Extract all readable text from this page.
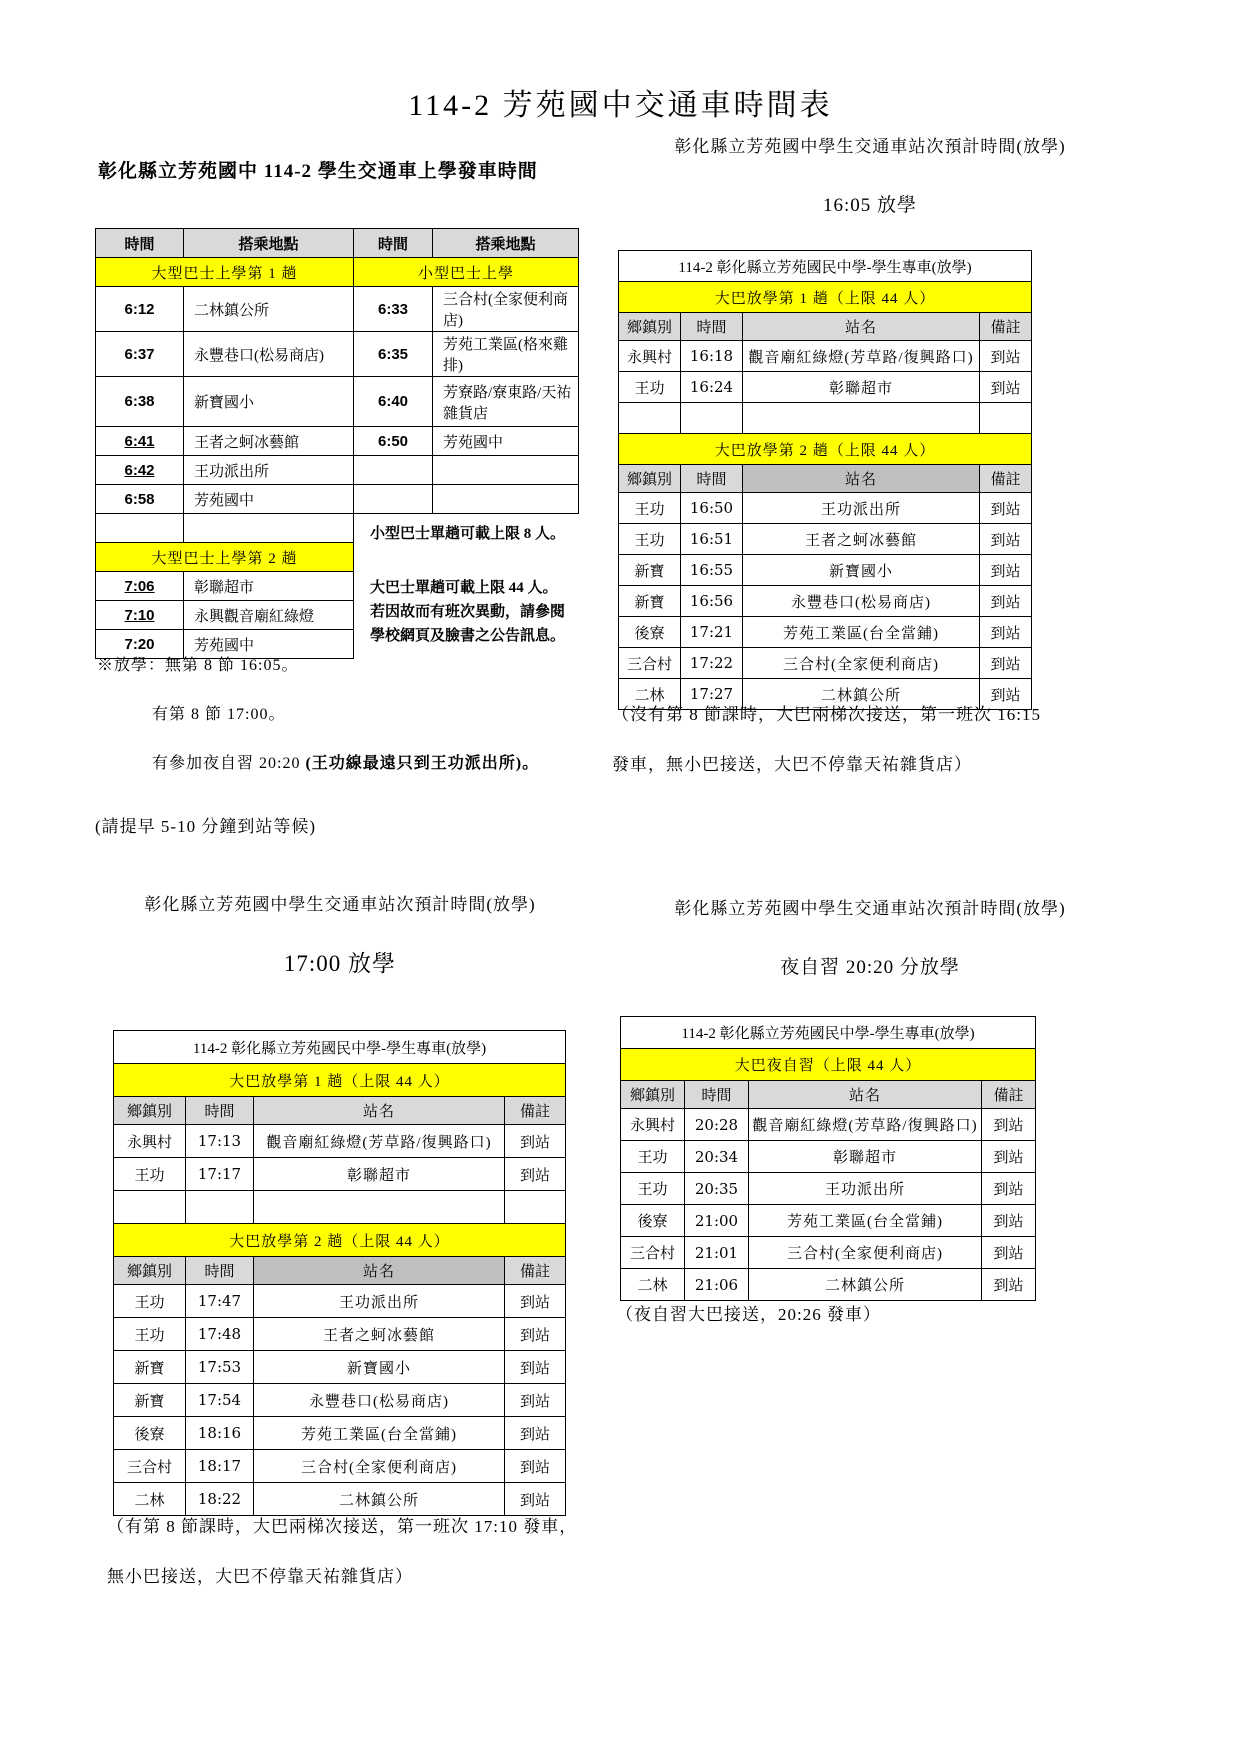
114-2 芳苑國中交通車時間表
彰化縣立芳苑國中 114-2 學生交通車上學發車時間
時間	搭乘地點	時間	搭乘地點
大型巴士上學第 1 趟		小型巴士上學	
6:12	二林鎮公所	6:33	三合村(全家便利商店)
6:37	永豐巷口(松易商店)	6:35	芳苑工業區(格來雞排)
6:38	新寶國小	6:40	芳寮路/寮東路/天祐雜貨店
6:41	王者之蚵冰藝館	6:50	芳苑國中
6:42	王功派出所		
6:58	芳苑國中		

		小型巴士單趟可載上限 8 人。

大巴士單趟可載上限 44 人。

若因故而有班次異動，請參閱學校網頁及臉書之公告訊息。	

大型巴士上學第 2 趟			
7:06	彰聯超市		
7:10	永興觀音廟紅綠燈		
7:20	芳苑國中		
※放學：無第 8 節 16:05。
有第 8 節 17:00。
有參加夜自習 20:20 (王功線最遠只到王功派出所)。
(請提早 5-10 分鐘到站等候)
彰化縣立芳苑國中學生交通車站次預計時間(放學)
16:05 放學
114-2 彰化縣立芳苑國民中學-學生專車(放學)			
大巴放學第 1 趟（上限 44 人）			
鄉鎮別	時間	站名	備註
永興村	16:18	觀音廟紅綠燈(芳草路/復興路口)	到站
王功	16:24	彰聯超市	到站

大巴放學第 2 趟（上限 44 人）			
鄉鎮別	時間	站名	備註
王功	16:50	王功派出所	到站
王功	16:51	王者之蚵冰藝館	到站
新寶	16:55	新寶國小	到站
新寶	16:56	永豐巷口(松易商店)	到站
後寮	17:21	芳苑工業區(台全當鋪)	到站
三合村	17:22	三合村(全家便利商店)	到站
二林	17:27	二林鎮公所	到站
（沒有第 8 節課時，大巴兩梯次接送，第一班次 16:15 發車，無小巴接送，大巴不停靠天祐雜貨店）
彰化縣立芳苑國中學生交通車站次預計時間(放學)
17:00 放學
114-2 彰化縣立芳苑國民中學-學生專車(放學)			
大巴放學第 1 趟（上限 44 人）			
鄉鎮別	時間	站名	備註
永興村	17:13	觀音廟紅綠燈(芳草路/復興路口)	到站
王功	17:17	彰聯超市	到站

大巴放學第 2 趟（上限 44 人）			
鄉鎮別	時間	站名	備註
王功	17:47	王功派出所	到站
王功	17:48	王者之蚵冰藝館	到站
新寶	17:53	新寶國小	到站
新寶	17:54	永豐巷口(松易商店)	到站
後寮	18:16	芳苑工業區(台全當鋪)	到站
三合村	18:17	三合村(全家便利商店)	到站
二林	18:22	二林鎮公所	到站
（有第 8 節課時，大巴兩梯次接送，第一班次 17:10 發車，無小巴接送，大巴不停靠天祐雜貨店）
彰化縣立芳苑國中學生交通車站次預計時間(放學)
夜自習 20:20 分放學
114-2 彰化縣立芳苑國民中學-學生專車(放學)			
大巴夜自習（上限 44 人）			
鄉鎮別	時間	站名	備註
永興村	20:28	觀音廟紅綠燈(芳草路/復興路口)	到站
王功	20:34	彰聯超市	到站
王功	20:35	王功派出所	到站
後寮	21:00	芳苑工業區(台全當鋪)	到站
三合村	21:01	三合村(全家便利商店)	到站
二林	21:06	二林鎮公所	到站
（夜自習大巴接送，20:26 發車）
